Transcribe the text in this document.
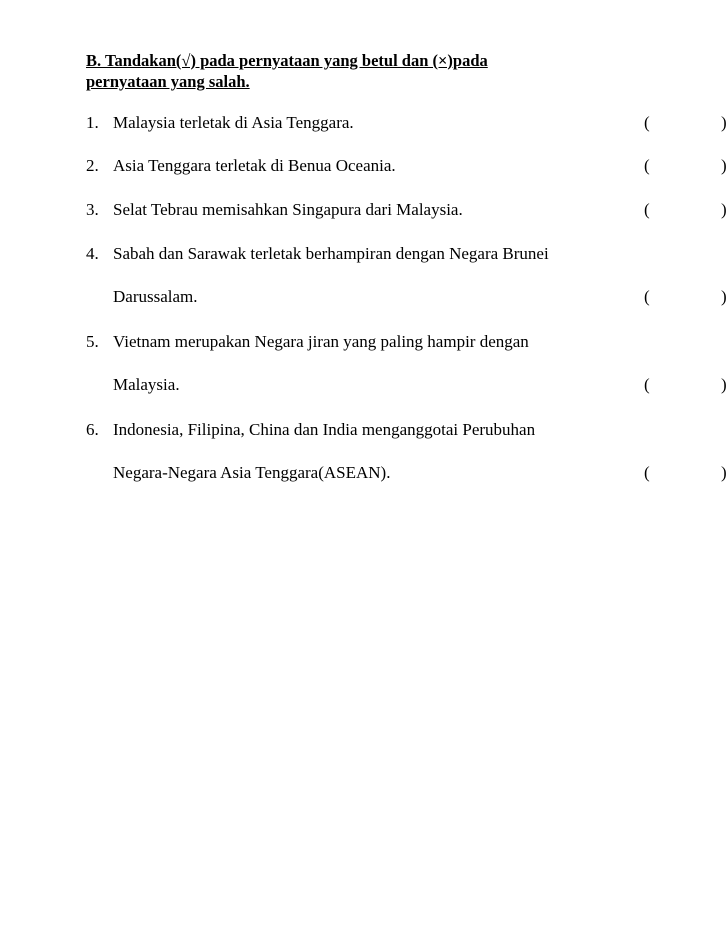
B. Tandakan(√) pada pernyataan yang betul dan (×)pada
pernyataan yang salah.
1. Malaysia terletak di Asia Tenggara.	(	)
2. Asia Tenggara terletak di Benua Oceania.	(	)
3. Selat Tebrau memisahkan Singapura dari Malaysia.	(	)
4. Sabah dan Sarawak terletak berhampiran dengan Negara Brunei
Darussalam.	(	)
5. Vietnam merupakan Negara jiran yang paling hampir dengan
Malaysia.	(	)
6. Indonesia, Filipina, China dan India menganggotai Perubuhan
Negara-Negara Asia Tenggara(ASEAN).	(	)
